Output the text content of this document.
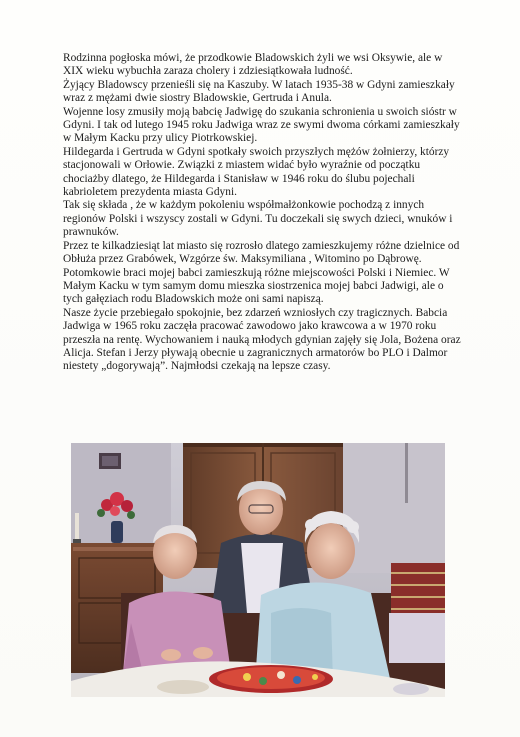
Rodzinna pogłoska mówi, że przodkowie Bladowskich żyli we wsi Oksywie, ale w XIX wieku wybuchła zaraza cholery i zdziesiątkowała ludność.

Żyjący Bladowscy przenieśli się na Kaszuby. W latach 1935-38 w Gdyni zamieszkały wraz z mężami dwie siostry Bladowskie, Gertruda i Anula.

Wojenne losy zmusiły moją babcię Jadwigę do szukania schronienia u swoich sióstr w Gdyni. I tak od lutego 1945 roku Jadwiga wraz ze swymi dwoma córkami zamieszkały w Małym Kacku przy ulicy Piotrkowskiej.

Hildegarda i Gertruda w Gdyni spotkały swoich przyszłych mężów żołnierzy, którzy stacjonowali w Orłowie. Związki z miastem widać było wyraźnie od początku chociażby dlatego, że Hildegarda i Stanisław w 1946 roku do ślubu pojechali kabrioletem prezydenta miasta Gdyni.

Tak się składa , że w każdym pokoleniu współmałżonkowie pochodzą z innych regionów Polski i wszyscy zostali w Gdyni. Tu doczekali się swych dzieci, wnuków i prawnuków.

Przez te kilkadziesiąt lat miasto się rozrosło dlatego zamieszkujemy różne dzielnice od Obłuża przez Grabówek, Wzgórze św. Maksymiliana , Witomino po Dąbrowę. Potomkowie braci mojej babci zamieszkują różne miejscowości Polski i Niemiec. W Małym Kacku w tym samym domu mieszka siostrzenica mojej babci Jadwigi, ale o tych gałęziach rodu Bladowskich może oni sami napiszą.

Nasze życie przebiegało spokojnie, bez zdarzeń wzniosłych czy tragicznych. Babcia Jadwiga w 1965 roku zaczęła pracować zawodowo jako krawcowa a w 1970 roku przeszła na rentę. Wychowaniem i nauką młodych gdynian zajęły się Jola, Bożena oraz Alicja. Stefan i Jerzy pływają obecnie u zagranicznych armatorów bo PLO i Dalmor niestety „dogorywają”. Najmłodsi czekają na lepsze czasy.
